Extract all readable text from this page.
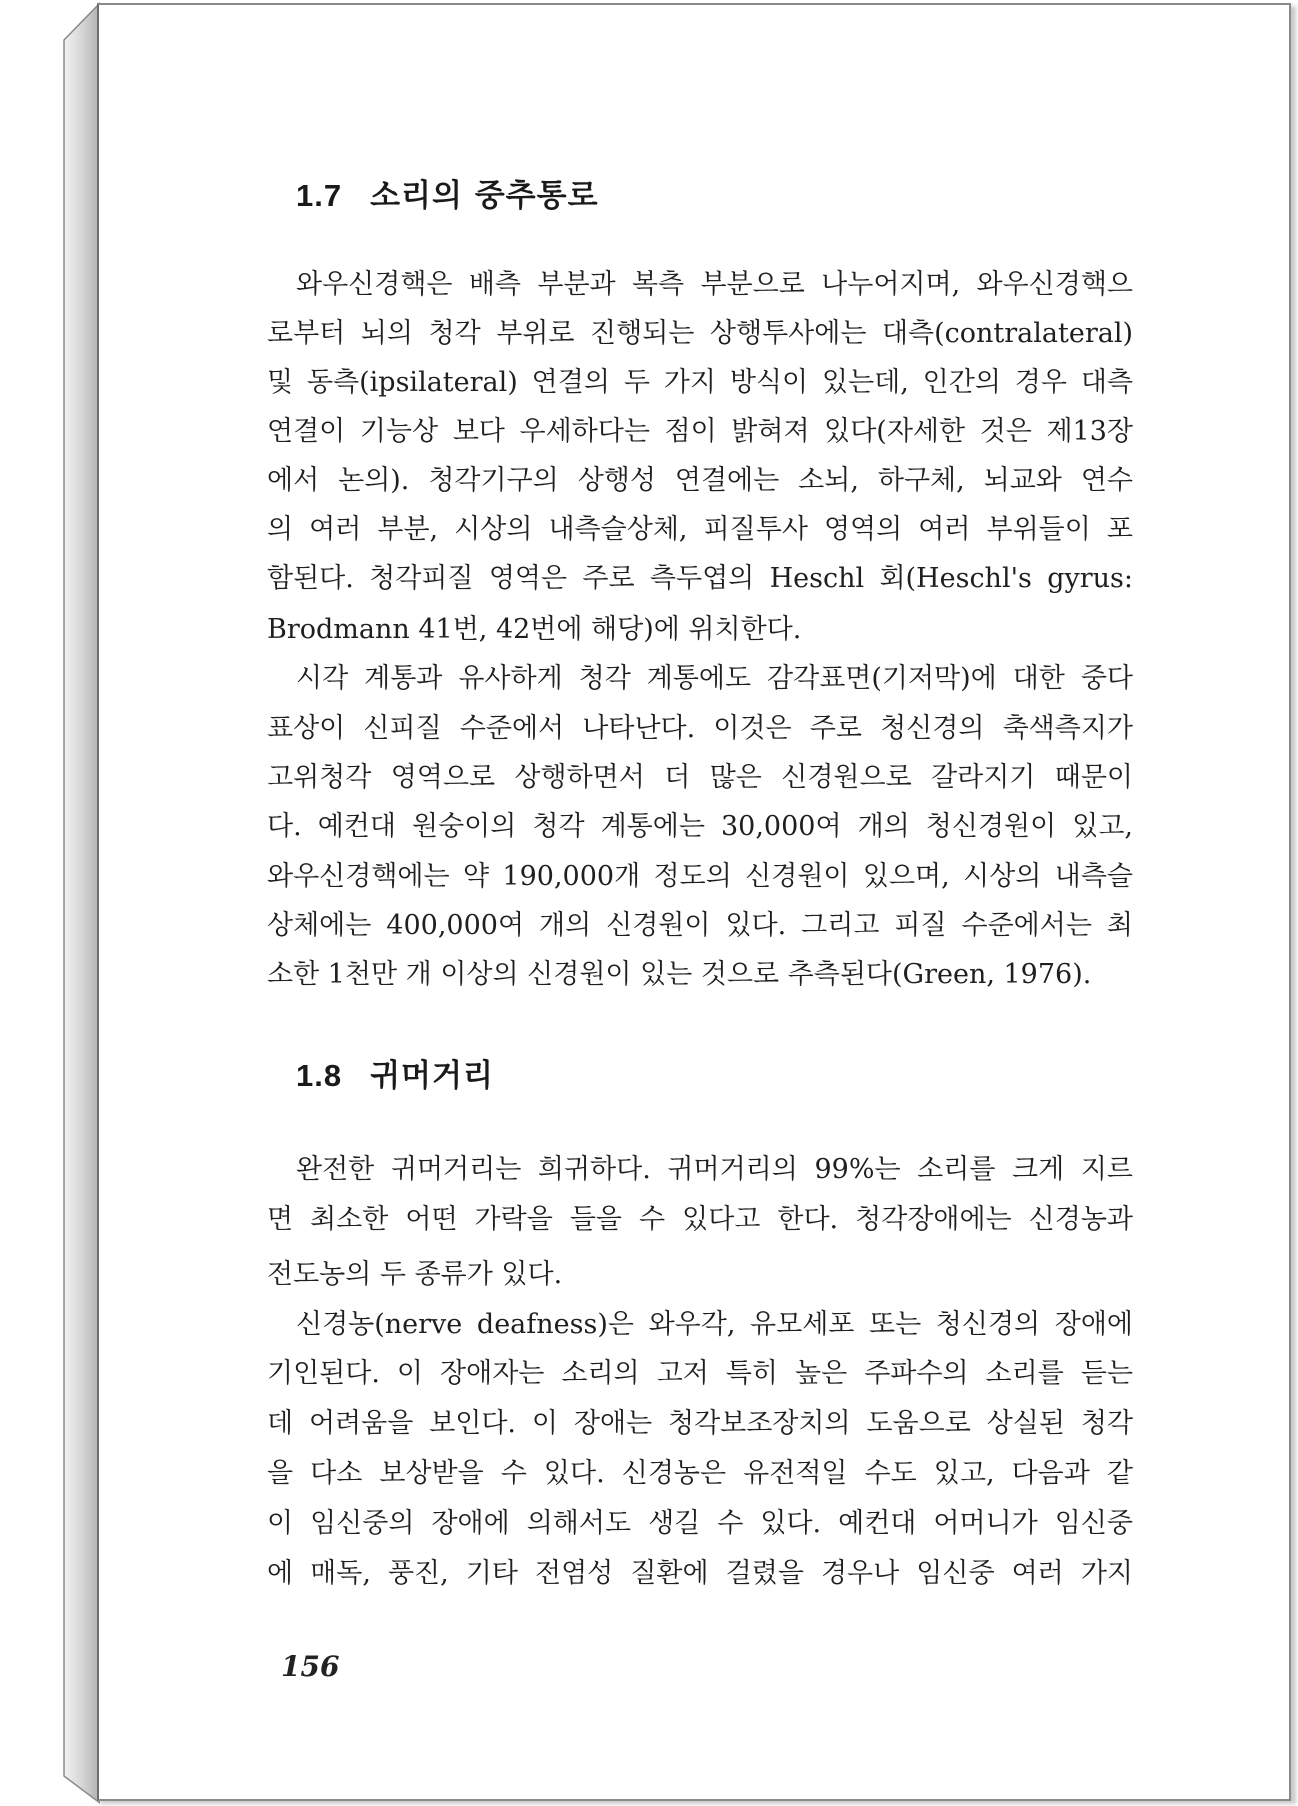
1.7 소리의 중추통로
와우신경핵은 배측 부분과 복측 부분으로 나누어지며, 와우신경핵으
로부터 뇌의 청각 부위로 진행되는 상행투사에는 대측(contralateral)
및 동측(ipsilateral) 연결의 두 가지 방식이 있는데, 인간의 경우 대측
연결이 기능상 보다 우세하다는 점이 밝혀져 있다(자세한 것은 제13장
에서 논의). 청각기구의 상행성 연결에는 소뇌, 하구체, 뇌교와 연수
의 여러 부분, 시상의 내측슬상체, 피질투사 영역의 여러 부위들이 포
함된다. 청각피질 영역은 주로 측두엽의 Heschl 회(Heschl's gyrus:
Brodmann 41번, 42번에 해당)에 위치한다.
시각 계통과 유사하게 청각 계통에도 감각표면(기저막)에 대한 중다
표상이 신피질 수준에서 나타난다. 이것은 주로 청신경의 축색측지가
고위청각 영역으로 상행하면서 더 많은 신경원으로 갈라지기 때문이
다. 예컨대 원숭이의 청각 계통에는 30,000여 개의 청신경원이 있고,
와우신경핵에는 약 190,000개 정도의 신경원이 있으며, 시상의 내측슬
상체에는 400,000여 개의 신경원이 있다. 그리고 피질 수준에서는 최
소한 1천만 개 이상의 신경원이 있는 것으로 추측된다(Green, 1976).
1.8 귀머거리
완전한 귀머거리는 희귀하다. 귀머거리의 99%는 소리를 크게 지르
면 최소한 어떤 가락을 들을 수 있다고 한다. 청각장애에는 신경농과
전도농의 두 종류가 있다.
신경농(nerve deafness)은 와우각, 유모세포 또는 청신경의 장애에
기인된다. 이 장애자는 소리의 고저 특히 높은 주파수의 소리를 듣는
데 어려움을 보인다. 이 장애는 청각보조장치의 도움으로 상실된 청각
을 다소 보상받을 수 있다. 신경농은 유전적일 수도 있고, 다음과 같
이 임신중의 장애에 의해서도 생길 수 있다. 예컨대 어머니가 임신중
에 매독, 풍진, 기타 전염성 질환에 걸렸을 경우나 임신중 여러 가지
156
